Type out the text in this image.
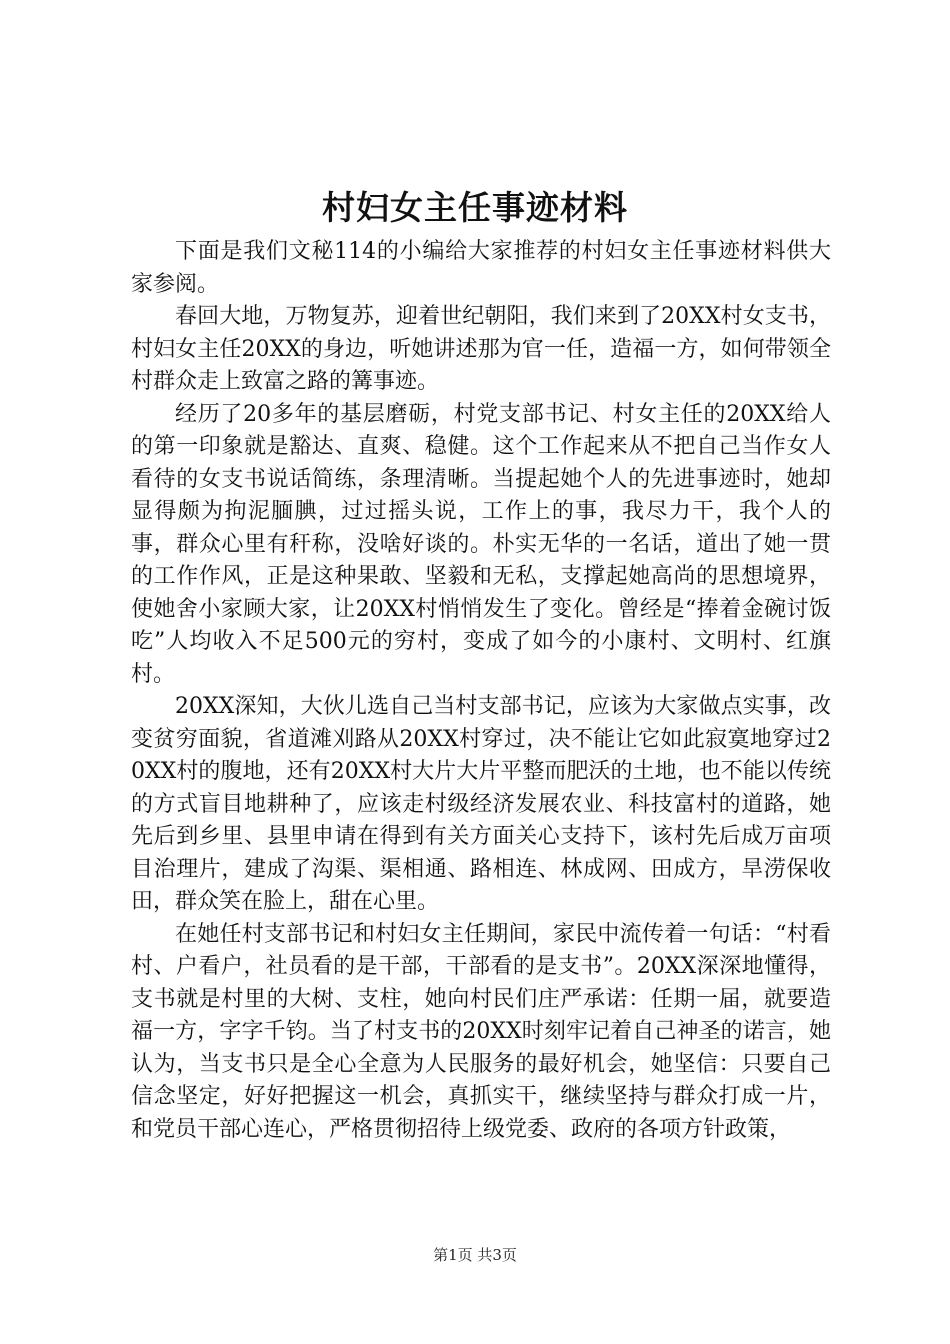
村妇女主任事迹材料

下面是我们文秘114的小编给大家推荐的村妇女主任事迹材料供大家参阅。

春回大地，万物复苏，迎着世纪朝阳，我们来到了20XX村女支书，村妇女主任20XX的身边，听她讲述那为官一任，造福一方，如何带领全村群众走上致富之路的篝事迹。

经历了20多年的基层磨砺，村党支部书记、村女主任的20XX给人的第一印象就是豁达、直爽、稳健。这个工作起来从不把自己当作女人看待的女支书说话简练，条理清晰。当提起她个人的先进事迹时，她却显得颇为拘泥腼腆，过过摇头说，工作上的事，我尽力干，我个人的事，群众心里有秆称，没啥好谈的。朴实无华的一名话，道出了她一贯的工作作风，正是这种果敢、坚毅和无私，支撑起她高尚的思想境界，使她舍小家顾大家，让20XX村悄悄发生了变化。曾经是“捧着金碗讨饭吃”人均收入不足500元的穷村，变成了如今的小康村、文明村、红旗村。

20XX深知，大伙儿选自己当村支部书记，应该为大家做点实事，改变贫穷面貌，省道滩刈路从20XX村穿过，决不能让它如此寂寞地穿过20XX村的腹地，还有20XX村大片大片平整而肥沃的土地，也不能以传统的方式盲目地耕种了，应该走村级经济发展农业、科技富村的道路，她先后到乡里、县里申请在得到有关方面关心支持下，该村先后成万亩项目治理片，建成了沟渠、渠相通、路相连、林成网、田成方，旱涝保收田，群众笑在脸上，甜在心里。

在她任村支部书记和村妇女主任期间，家民中流传着一句话：“村看村、户看户，社员看的是干部，干部看的是支书”。20XX深深地懂得，支书就是村里的大树、支柱，她向村民们庄严承诺：任期一届，就要造福一方，字字千钧。当了村支书的20XX时刻牢记着自己神圣的诺言，她认为，当支书只是全心全意为人民服务的最好机会，她坚信：只要自己信念坚定，好好把握这一机会，真抓实干，继续坚持与群众打成一片，和党员干部心连心，严格贯彻招待上级党委、政府的各项方针政策，

第1页 共3页
